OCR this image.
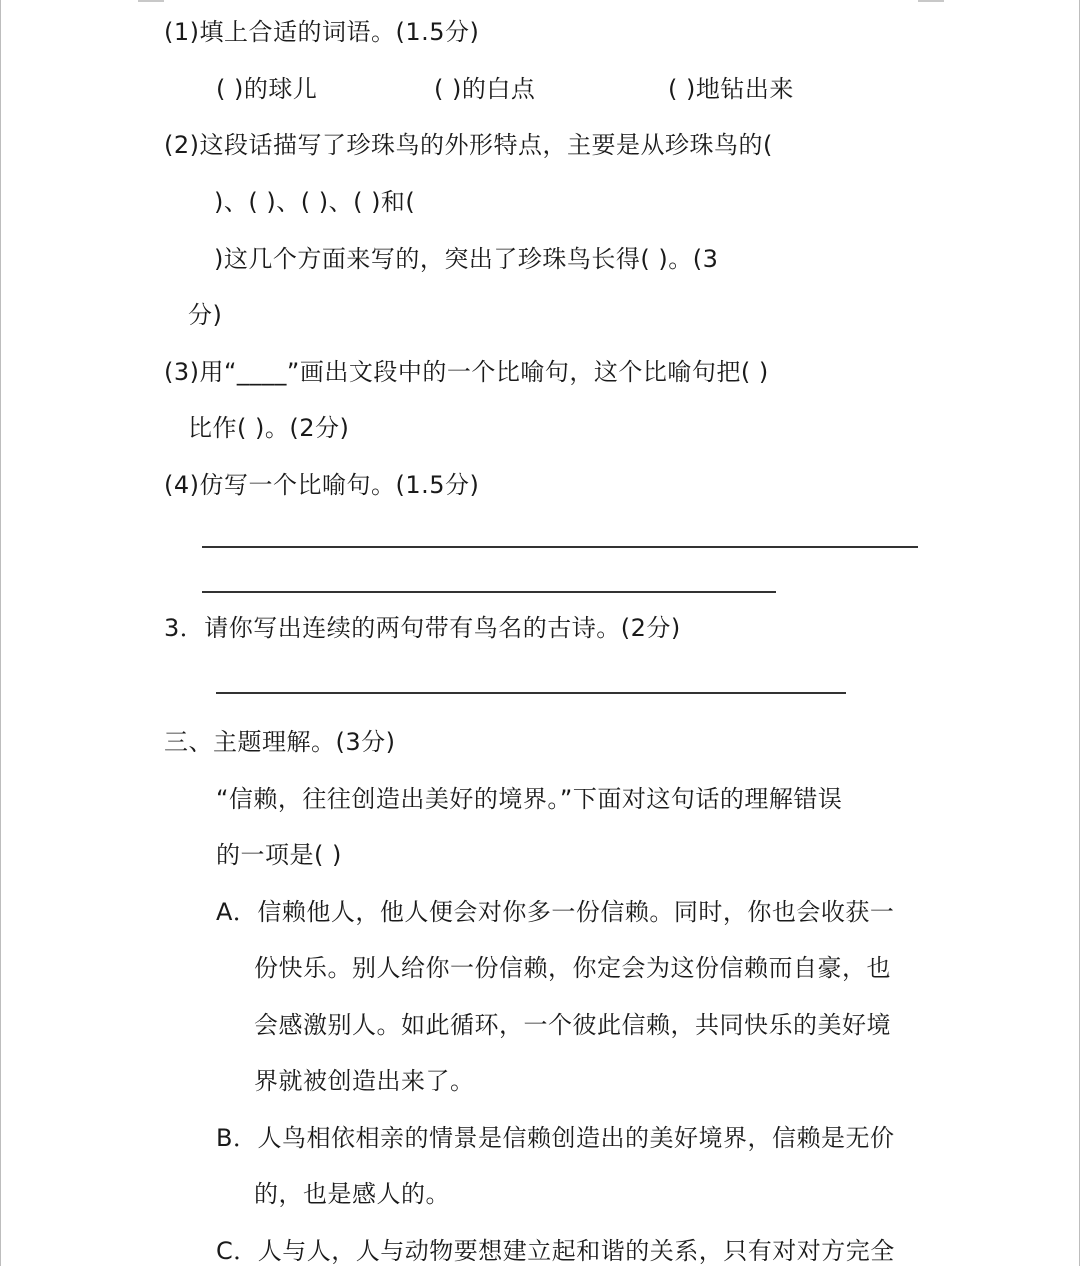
(1)填上合适的词语。(1.5分)
( )的球儿	( )的白点	( )地钻出来
(2)这段话描写了珍珠鸟的外形特点，主要是从珍珠鸟的(
)、( )、( )、( )和(
)这几个方面来写的，突出了珍珠鸟长得( )。(3
分)
(3)用“____”画出文段中的一个比喻句，这个比喻句把( )
比作( )。(2分)
(4)仿写一个比喻句。(1.5分)
3．请你写出连续的两句带有鸟名的古诗。(2分)
三、主题理解。(3分)
“信赖，往往创造出美好的境界。”下面对这句话的理解错误
的一项是( )
A．信赖他人，他人便会对你多一份信赖。同时，你也会收获一
份快乐。别人给你一份信赖，你定会为这份信赖而自豪，也
会感激别人。如此循环，一个彼此信赖，共同快乐的美好境
界就被创造出来了。
B．人鸟相依相亲的情景是信赖创造出的美好境界，信赖是无价
的，也是感人的。
C．人与人，人与动物要想建立起和谐的关系，只有对对方完全
